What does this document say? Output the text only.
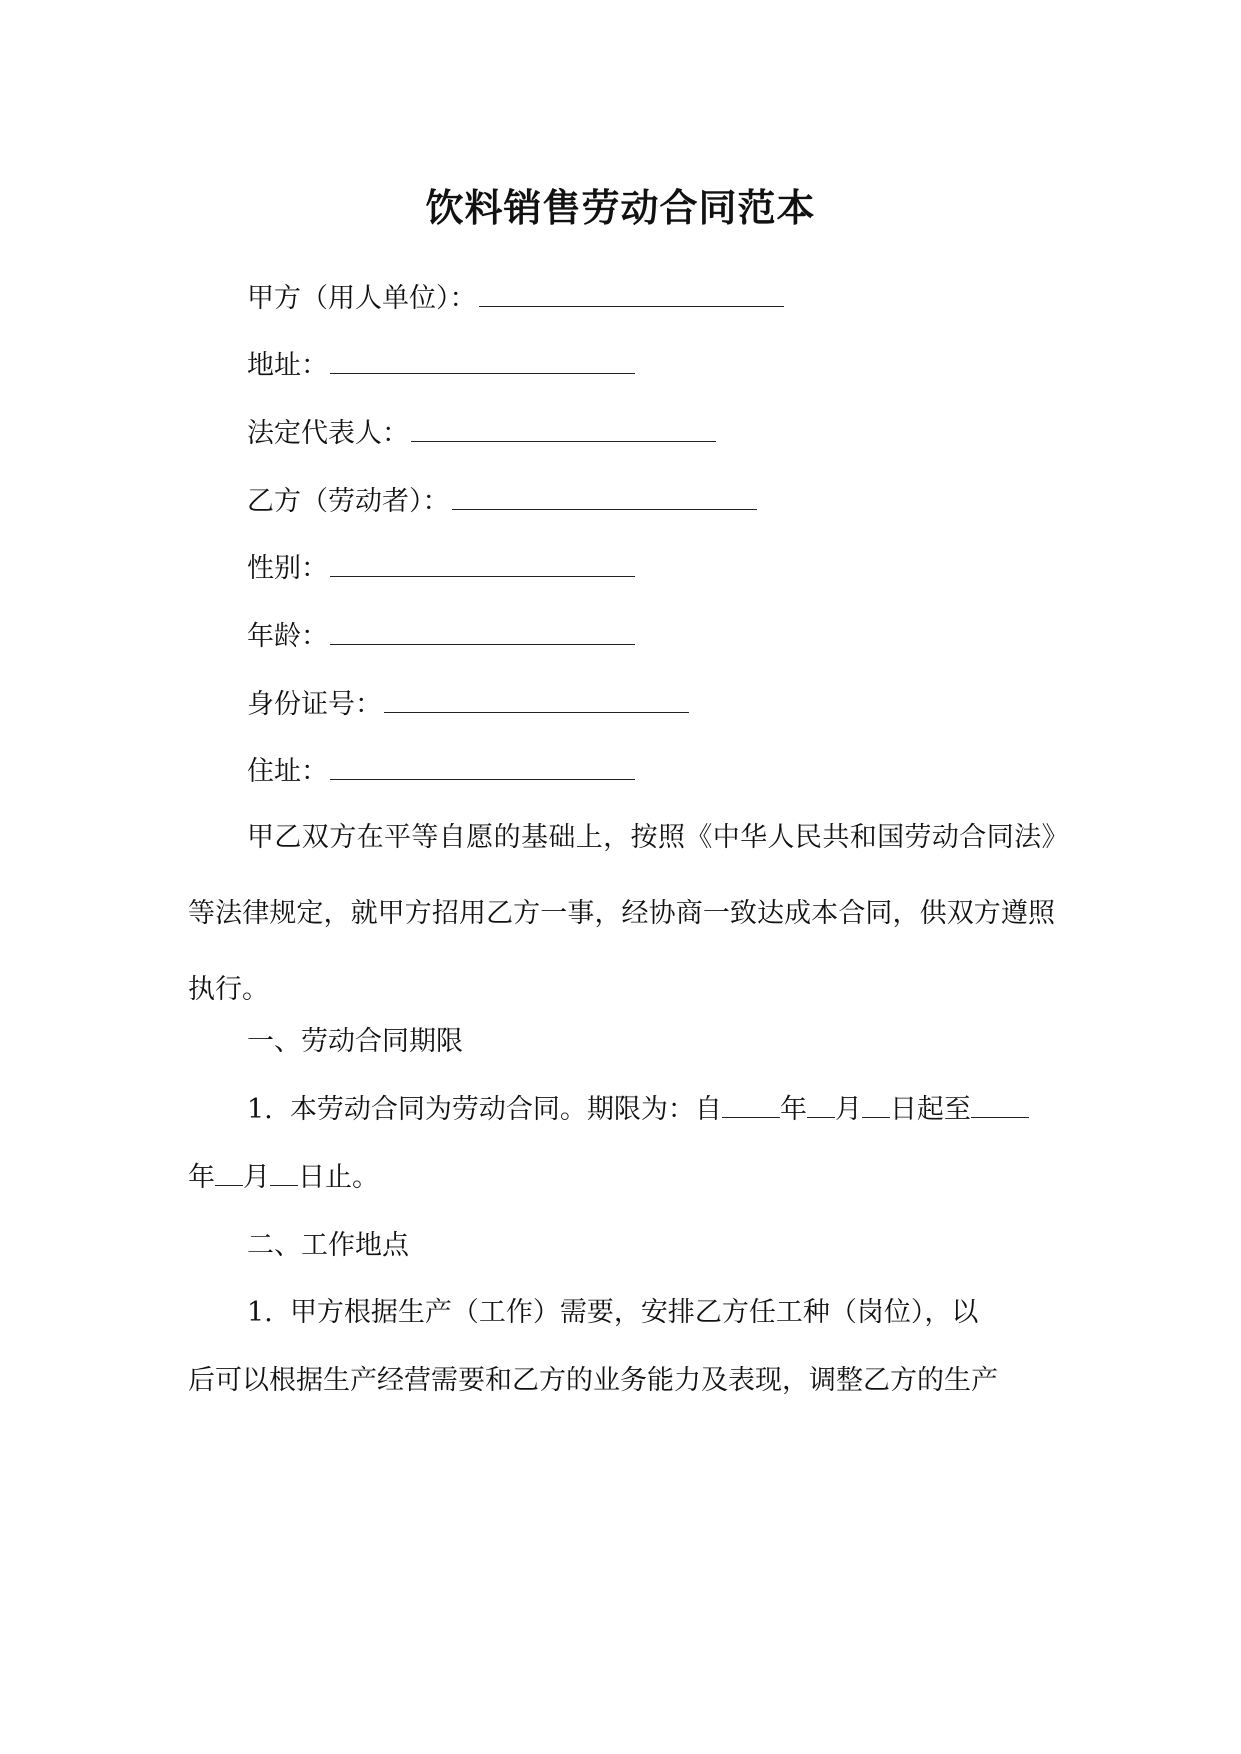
饮料销售劳动合同范本
甲方（用人单位）：
地址：
法定代表人：
乙方（劳动者）：
性别：
年龄：
身份证号：
住址：

甲乙双方在平等自愿的基础上，按照《中华人民共和国劳动合同法》等法律规定，就甲方招用乙方一事，经协商一致达成本合同，供双方遵照执行。

一、劳动合同期限
1. 本劳动合同为劳动合同。期限为：自 年 月 日起至
年 月 日止。
二、工作地点
1. 甲方根据生产（工作）需要，安排乙方任工种（岗位），以
后可以根据生产经营需要和乙方的业务能力及表现，调整乙方的生产
